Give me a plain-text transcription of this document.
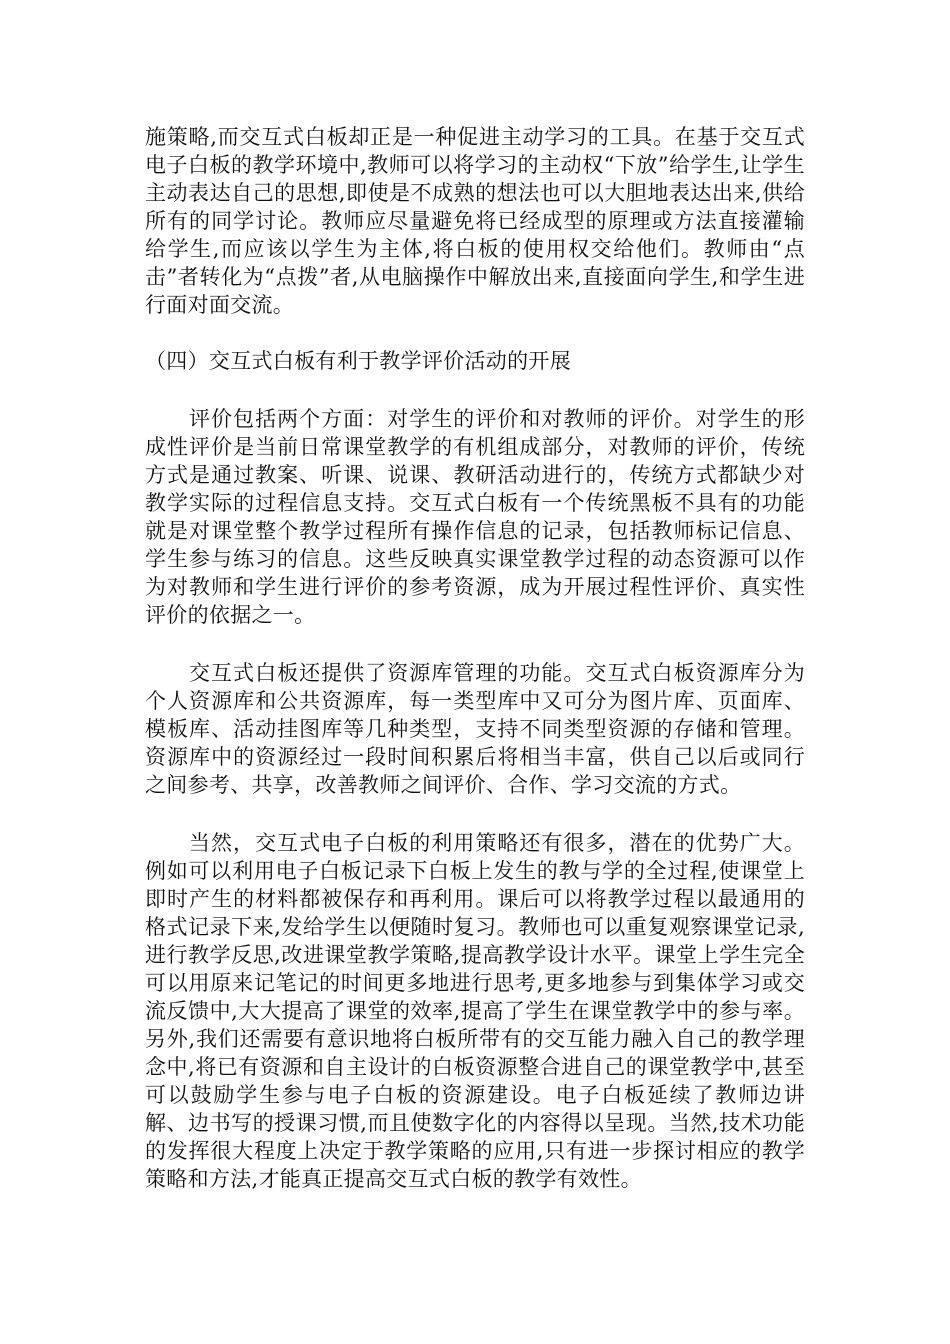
施策略,而交互式白板却正是一种促进主动学习的工具。在基于交互式电子白板的教学环境中,教师可以将学习的主动权“下放”给学生,让学生主动表达自己的思想,即使是不成熟的想法也可以大胆地表达出来,供给所有的同学讨论。教师应尽量避免将已经成型的原理或方法直接灌输给学生,而应该以学生为主体,将白板的使用权交给他们。教师由“点击”者转化为“点拨”者,从电脑操作中解放出来,直接面向学生,和学生进行面对面交流。

（四）交互式白板有利于教学评价活动的开展

评价包括两个方面：对学生的评价和对教师的评价。对学生的形成性评价是当前日常课堂教学的有机组成部分，对教师的评价，传统方式是通过教案、听课、说课、教研活动进行的，传统方式都缺少对教学实际的过程信息支持。交互式白板有一个传统黑板不具有的功能就是对课堂整个教学过程所有操作信息的记录，包括教师标记信息、学生参与练习的信息。这些反映真实课堂教学过程的动态资源可以作为对教师和学生进行评价的参考资源，成为开展过程性评价、真实性评价的依据之一。

交互式白板还提供了资源库管理的功能。交互式白板资源库分为个人资源库和公共资源库，每一类型库中又可分为图片库、页面库、模板库、活动挂图库等几种类型，支持不同类型资源的存储和管理。资源库中的资源经过一段时间积累后将相当丰富，供自己以后或同行之间参考、共享，改善教师之间评价、合作、学习交流的方式。

当然，交互式电子白板的利用策略还有很多，潜在的优势广大。例如可以利用电子白板记录下白板上发生的教与学的全过程,使课堂上即时产生的材料都被保存和再利用。课后可以将教学过程以最通用的格式记录下来,发给学生以便随时复习。教师也可以重复观察课堂记录,进行教学反思,改进课堂教学策略,提高教学设计水平。课堂上学生完全可以用原来记笔记的时间更多地进行思考,更多地参与到集体学习或交流反馈中,大大提高了课堂的效率,提高了学生在课堂教学中的参与率。另外,我们还需要有意识地将白板所带有的交互能力融入自己的教学理念中,将已有资源和自主设计的白板资源整合进自己的课堂教学中,甚至可以鼓励学生参与电子白板的资源建设。电子白板延续了教师边讲解、边书写的授课习惯,而且使数字化的内容得以呈现。当然,技术功能的发挥很大程度上决定于教学策略的应用,只有进一步探讨相应的教学策略和方法,才能真正提高交互式白板的教学有效性。
